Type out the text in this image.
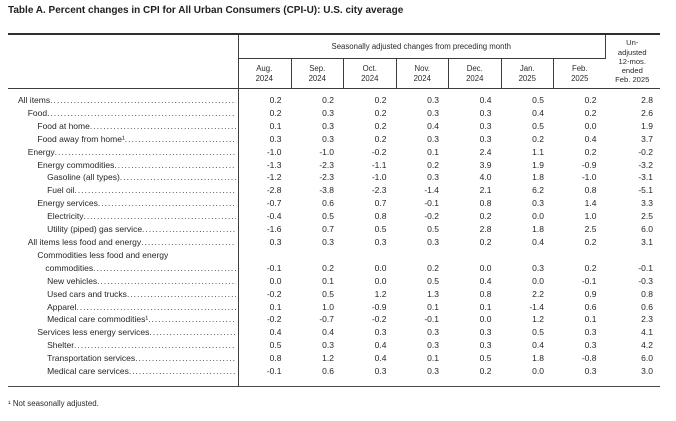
Table A. Percent changes in CPI for All Urban Consumers (CPI-U): U.S. city average
Seasonally adjusted changes from preceding month
Aug.
2024
Sep.
2024
Oct.
2024
Nov.
2024
Dec.
2024
Jan.
2025
Feb.
2025
Un-
adjusted
12-mos.
ended
Feb. 2025
All items .....	0.2	0.2	0.2	0.3	0.4	0.5	0.2	2.8
Food .....	0.2	0.3	0.2	0.3	0.3	0.4	0.2	2.6
Food at home .....	0.1	0.3	0.2	0.4	0.3	0.5	0.0	1.9
Food away from home¹ .....	0.3	0.3	0.2	0.3	0.3	0.2	0.4	3.7
Energy .....	-1.0	-1.0	-0.2	0.1	2.4	1.1	0.2	-0.2
Energy commodities .....	-1.3	-2.3	-1.1	0.2	3.9	1.9	-0.9	-3.2
Gasoline (all types) .....	-1.2	-2.3	-1.0	0.3	4.0	1.8	-1.0	-3.1
Fuel oil .....	-2.8	-3.8	-2.3	-1.4	2.1	6.2	0.8	-5.1
Energy services .....	-0.7	0.6	0.7	-0.1	0.8	0.3	1.4	3.3
Electricity .....	-0.4	0.5	0.8	-0.2	0.2	0.0	1.0	2.5
Utility (piped) gas service .....	-1.6	0.7	0.5	0.5	2.8	1.8	2.5	6.0
All items less food and energy .....	0.3	0.3	0.3	0.3	0.2	0.4	0.2	3.1
Commodities less food and energy
commodities .....	-0.1	0.2	0.0	0.2	0.0	0.3	0.2	-0.1
New vehicles .....	0.0	0.1	0.0	0.5	0.4	0.0	-0.1	-0.3
Used cars and trucks .....	-0.2	0.5	1.2	1.3	0.8	2.2	0.9	0.8
Apparel .....	0.1	1.0	-0.9	0.1	0.1	-1.4	0.6	0.6
Medical care commodities¹ .....	-0.2	-0.7	-0.2	-0.1	0.0	1.2	0.1	2.3
Services less energy services .....	0.4	0.4	0.3	0.3	0.3	0.5	0.3	4.1
Shelter .....	0.5	0.3	0.4	0.3	0.3	0.4	0.3	4.2
Transportation services .....	0.8	1.2	0.4	0.1	0.5	1.8	-0.8	6.0
Medical care services .....	-0.1	0.6	0.3	0.3	0.2	0.0	0.3	3.0
¹ Not seasonally adjusted.
